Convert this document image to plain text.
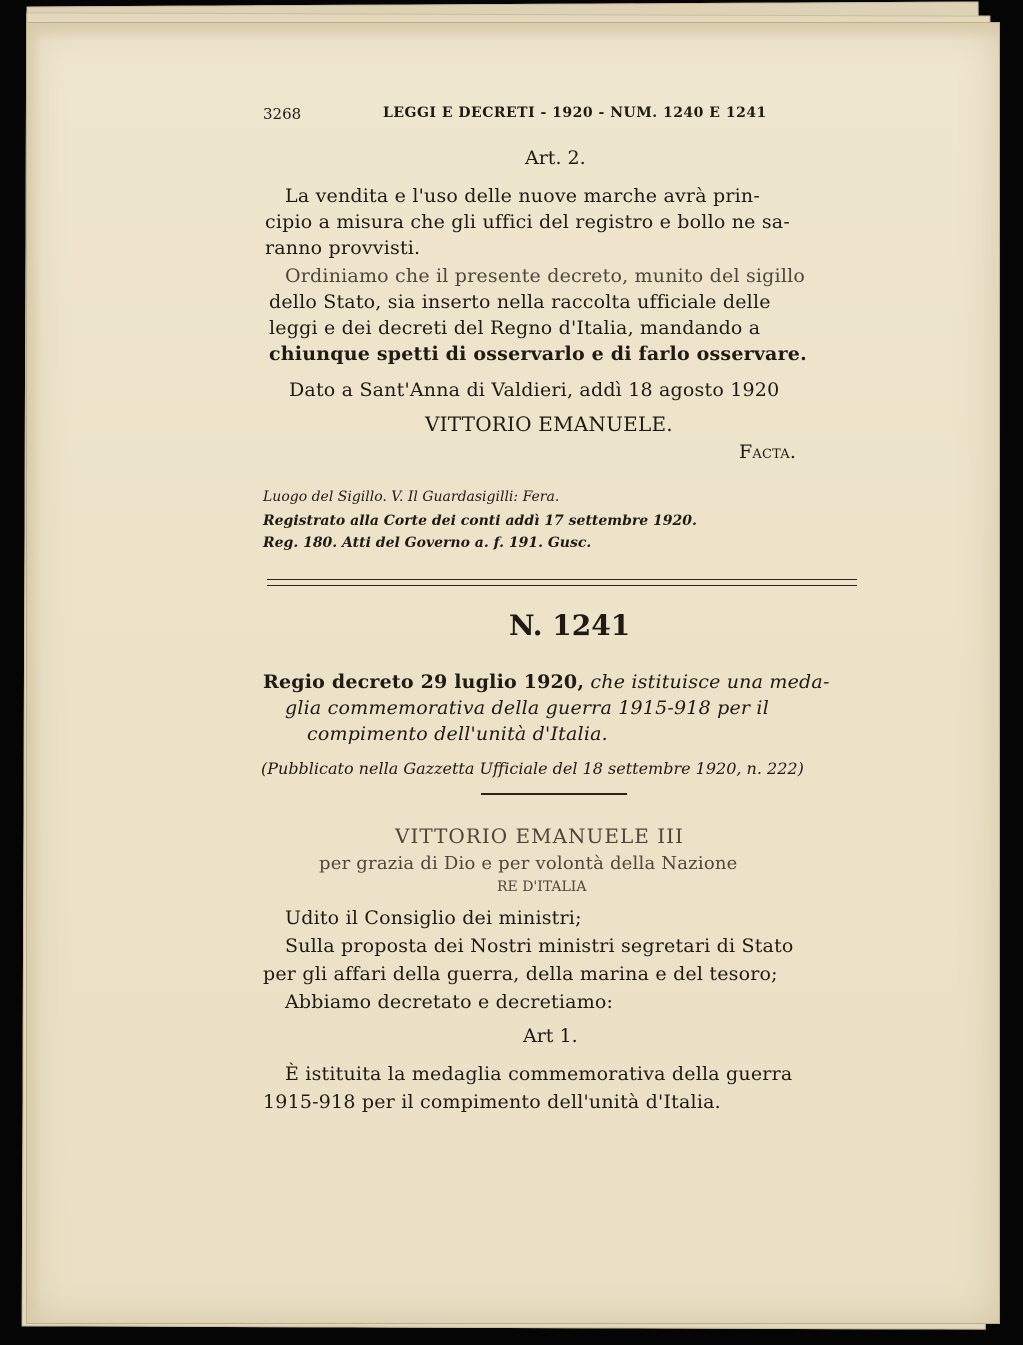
3268	LEGGI E DECRETI - 1920 - NUM. 1240 E 1241
Art. 2.
La vendita e l'uso delle nuove marche avrà prin-
cipio a misura che gli uffici del registro e bollo ne sa-
ranno provvisti.
Ordiniamo che il presente decreto, munito del sigillo
dello Stato, sia inserto nella raccolta ufficiale delle
leggi e dei decreti del Regno d'Italia, mandando a
chiunque spetti di osservarlo e di farlo osservare.
Dato a Sant'Anna di Valdieri, addì 18 agosto 1920
VITTORIO EMANUELE.
Facta.
Luogo del Sigillo. V. Il Guardasigilli: Fera.
Registrato alla Corte dei conti addì 17 settembre 1920.
Reg. 180. Atti del Governo a. f. 191. Gusc.
N. 1241
Regio decreto 29 luglio 1920, che istituisce una meda-
glia commemorativa della guerra 1915-918 per il
compimento dell'unità d'Italia.
(Pubblicato nella Gazzetta Ufficiale del 18 settembre 1920, n. 222)
VITTORIO EMANUELE III
per grazia di Dio e per volontà della Nazione
RE D'ITALIA
Udito il Consiglio dei ministri;
Sulla proposta dei Nostri ministri segretari di Stato
per gli affari della guerra, della marina e del tesoro;
Abbiamo decretato e decretiamo:
Art 1.
È istituita la medaglia commemorativa della guerra
1915-918 per il compimento dell'unità d'Italia.
